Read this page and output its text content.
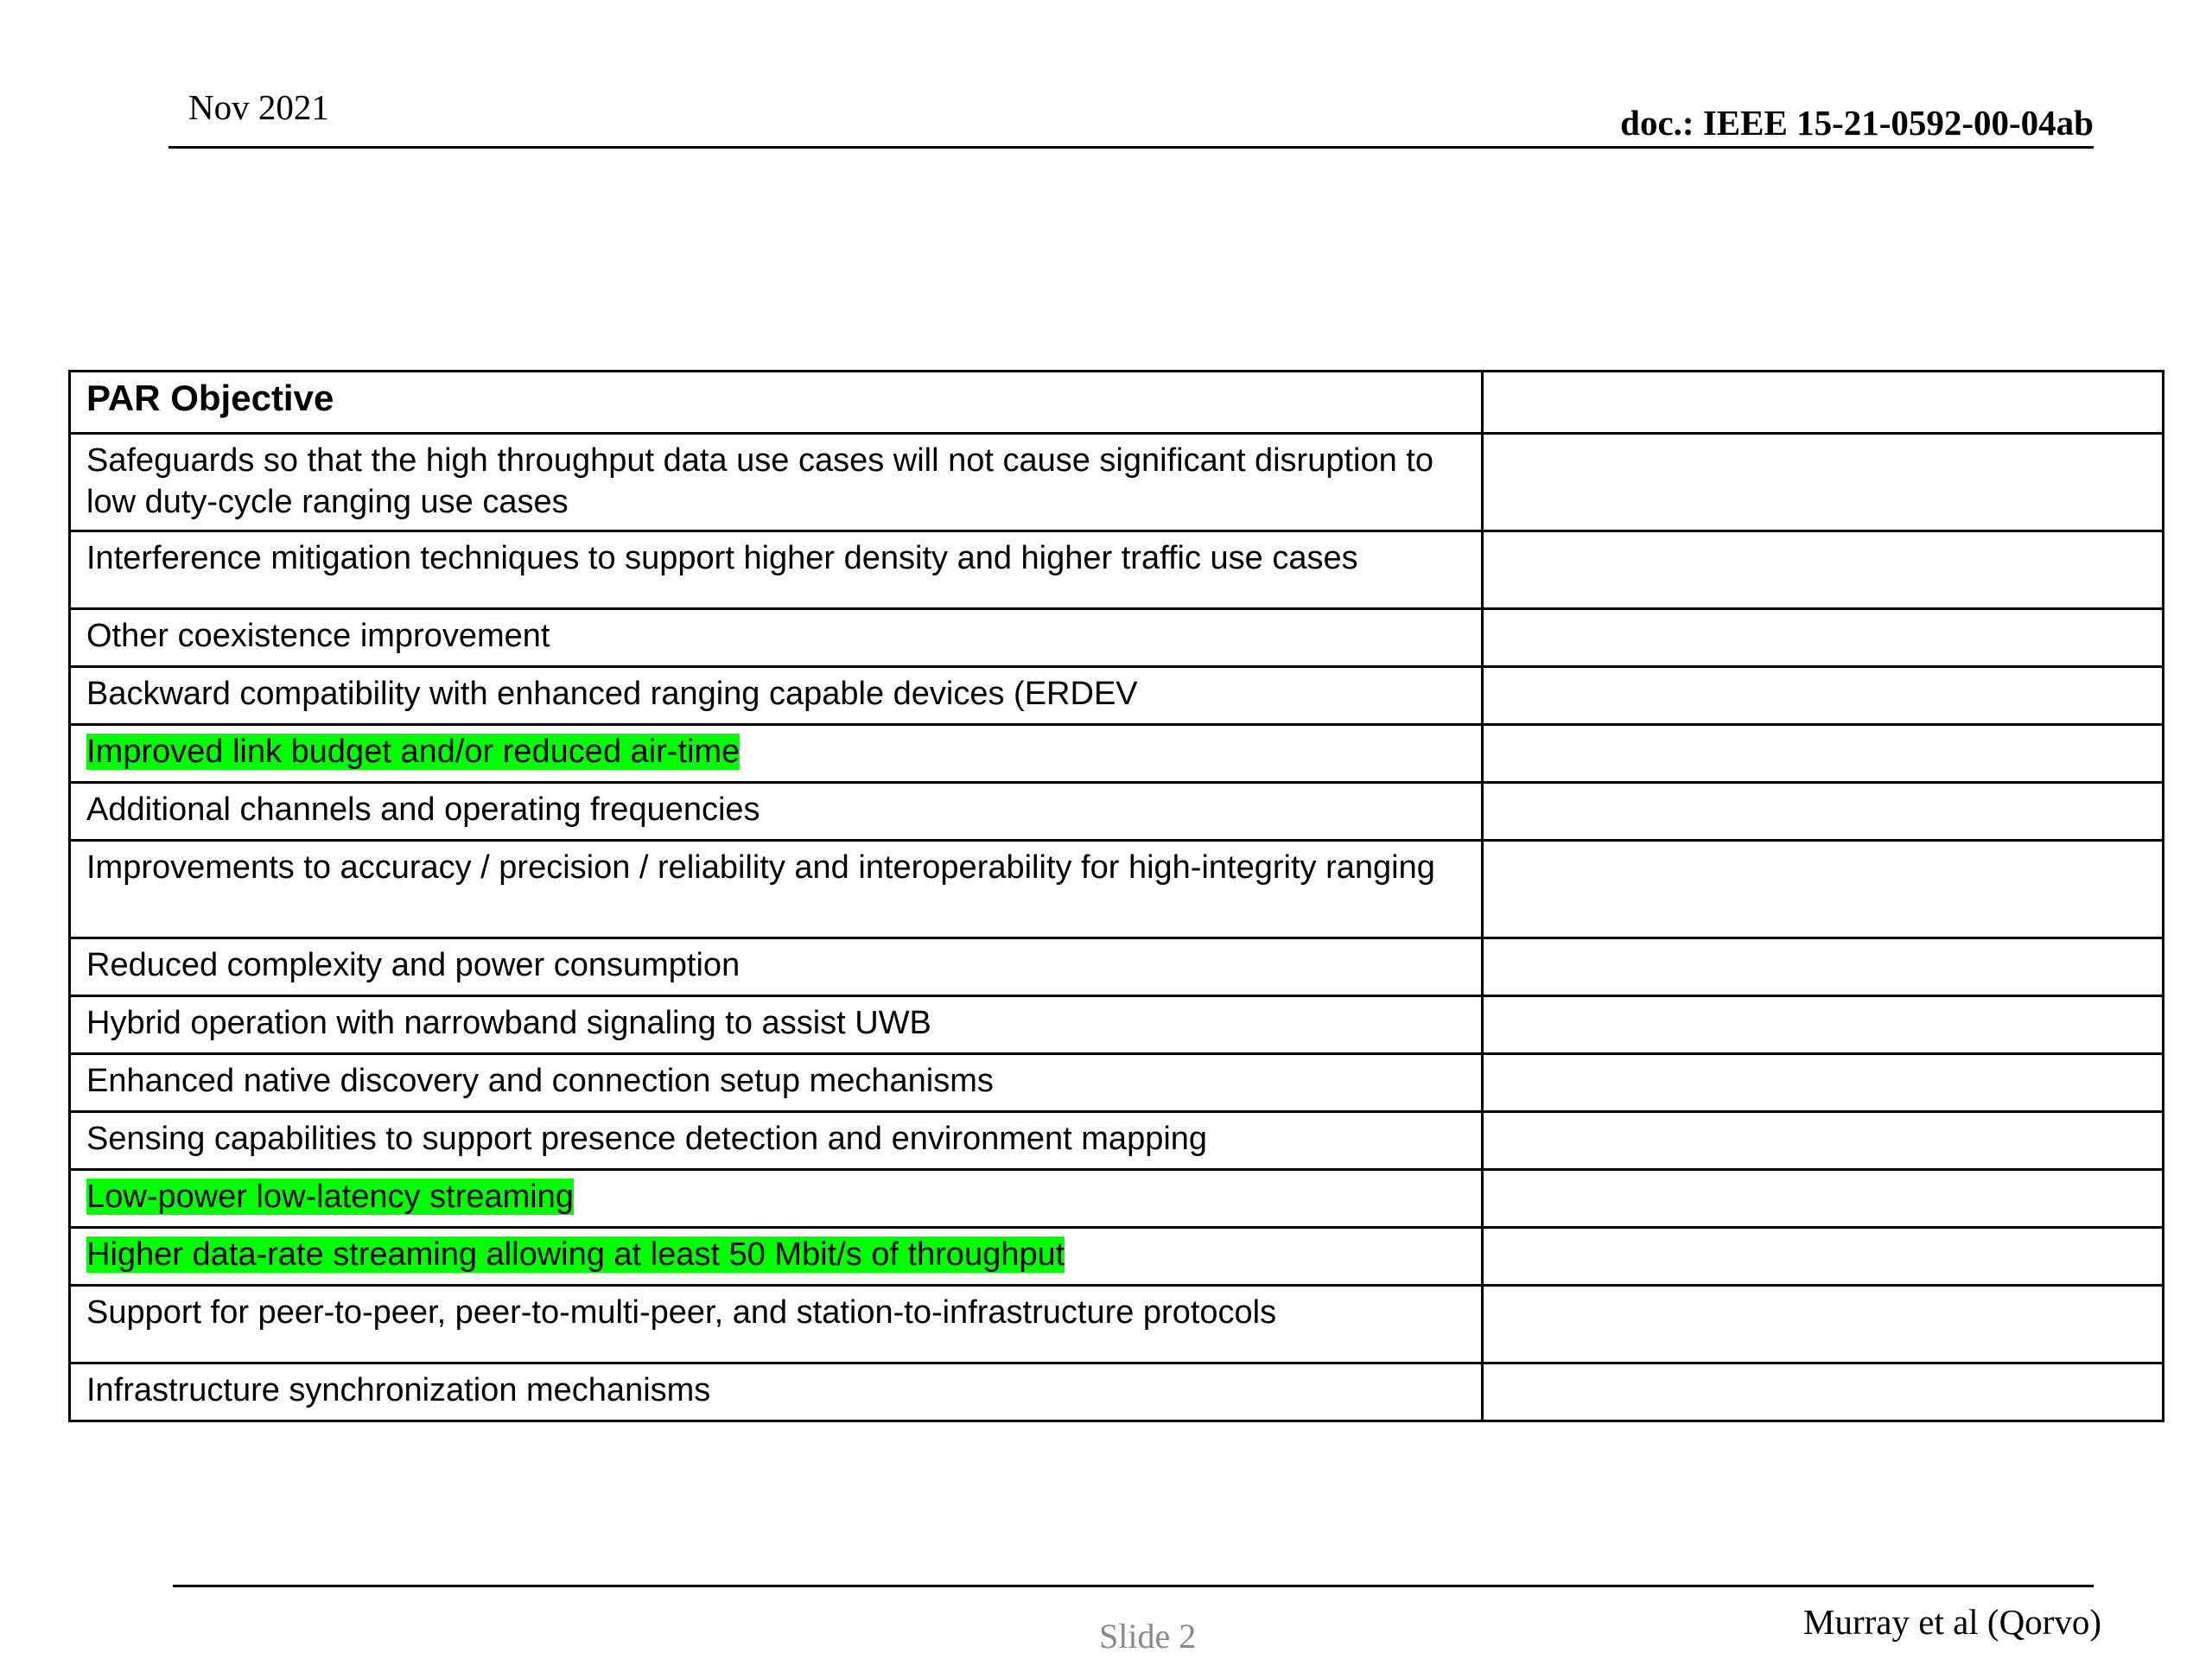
Nov 2021	doc.: IEEE 15-21-0592-00-04ab
PAR Objective	
Safeguards so that the high throughput data use cases will not cause significant disruption to low duty-cycle ranging use cases	
Interference mitigation techniques to support higher density and higher traffic use cases	
Other coexistence improvement	
Backward compatibility with enhanced ranging capable devices (ERDEV	
Improved link budget and/or reduced air-time	
Additional channels and operating frequencies	
Improvements to accuracy / precision / reliability and interoperability for high-integrity ranging	
Reduced complexity and power consumption	
Hybrid operation with narrowband signaling to assist UWB	
Enhanced native discovery and connection setup mechanisms	
Sensing capabilities to support presence detection and environment mapping	
Low-power low-latency streaming	
Higher data-rate streaming allowing at least 50 Mbit/s of throughput	
Support for peer-to-peer, peer-to-multi-peer, and station-to-infrastructure protocols	
Infrastructure synchronization mechanisms	
Slide 2	Murray et al (Qorvo)
